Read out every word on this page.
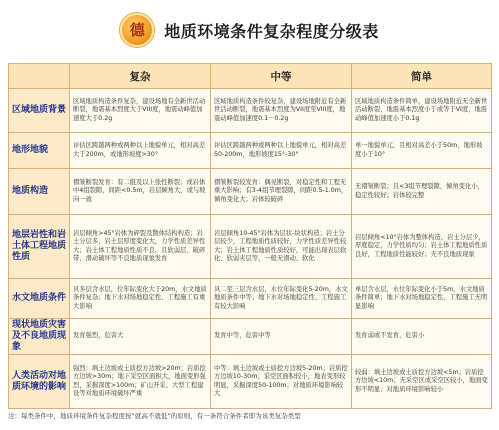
德 地质环境条件复杂程度分级表
	复杂	中等	简单
区域地质背景	区域地质构造条件复杂，建设场地有全新世活动断裂，地震基本烈度大于VIII度，地震动峰值加速度大于0.2g	区域地质构造条件较复杂，建设场地附近有全新世活动断裂，地震基本烈度为VII度至VIII度，地震动峰值加速度0.1－0.2g	区域地质构造条件简单，建设场地附近无全新世活动断裂，地震基本烈度小于或等于VI度，地震动峰值加速度小于0.1g
地形地貌	评估区跨越两种或两种以上地貌单元，相对高差大于200m，或地形坡度>30°	评估区跨越两种或两种以上地貌单元，相对高差50-200m，地形坡度15°-30°	单一地貌单元，且相对高差小于50m，地形坡度小于10°
地质构造	褶皱断裂发育：有二组及以上张性断裂；或岩体中4组裂隙，间距<0.5m，岩层倾角大，或与坡向一致	褶皱断裂较发育：偶见断裂，对稳定性和工程无重大影响；有3-4组节理裂隙，间距0.5-1.0m，倾角变化大；岩体较破碎	无褶皱断裂；且<3组节理裂隙，倾角变化小，稳定性较好；岩体较完整
地层岩性和岩土体工程地质性质	岩层倾角>45°岩体为碎裂及散体结构构造；岩土分层多，岩土层厚度变化大，力学性质差异性大；岩土体工程地质性质不良，且软弱层、破碎带、滑动破坏等不良地质现象发育	岩层倾角10-45°岩体为层状-块状构造；岩土分层较少，工程地质性质较好，力学性质差异性较大；岩土体工程地质性质较好，可能出现表层软化、软弱夹层等，一般无滑动、软化	岩层倾角<10°岩体为整体构造，岩土分层少，厚度稳定，力学性质均匀；岩土体工程地质性质良好，工程地质性能较好；无不良地质现象
水文地质条件	具多层含水层，位年际变化大于20m，水文地质条件复杂；地下水对场地稳定性、工程施工有重大影响	具二至三层含水层，水位年际变化5-20m，水文地质条件中等；地下水对场地稳定性、工程施工有较大影响	单层含水层，水位年际变化小于5m，水文地质条件简单；地下水对场地稳定性、工程施工无明显影响
现状地质灾害及不良地质现象	发育强烈，危害大	发育中等，危害中等	发育弱或不发育，危害小
人类活动对地质环境的影响	强烈：填土边坡或土质挖方边坡>20m；岩质挖方边坡>30m；地下采空区面积大，地面变形强烈，采掘深度>100m；矿山开采、大型工程建设等对地质环境破坏严重	中等：填土边坡或土质挖方边坡5-20m；岩质挖方边坡10-30m；采空区面积较小，地表变形较明显，采掘深度50-100m；对地质环境影响较大	较弱：填土边坡或土质挖方边坡<5m；岩质挖方边坡<10m；无采空区或采空区较小，地面变形不明显；对地质环境影响较小
注：每类条件中，地质环境条件复杂程度按“就高不就低”的原则，有一条符合条件者即为该类复杂类型
